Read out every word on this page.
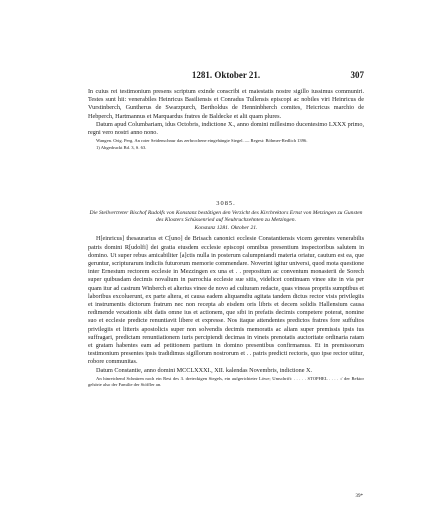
1281. Oktober 21.	307

In cuius rei testimonium presens scriptum exinde conscribi et maiestatis nostre sigillo iussimus communiri. Testes sunt hii: venerabiles Heinricus Basiliensis et Conradus Tullensis episcopi ac nobiles viri Heinricus de Vurstinberch, Guntherus de Swarzpurch, Bertholdus de Henninbherch comites, Heicricus marchio de Hebperch, Hartmannus et Marquardus fratres de Baldecke et alii quam plures.

Datum apud Columbariam, idus Octobris, indictione X., anno domini millesimo ducentesimo LXXX primo, regni vero nostri anno nono.

Wangen. Orig. Perg. An roter Seidenschnur das zerbrochene eingehängte Siegel. — Regest: Böhmer-Redlich 1396.

1) Abgedruckt Bd. 3, S. 63.

3085.

Die Stellvertreter Bischof Rudolfs von Konstanz bestätigen den Verzicht des Kirchrektors Ernst von Metzingen zu Gunsten des Klosters Schüssenried auf Neubruchzehnten zu Metzingen.

Konstanz 1281. Oktober 21.

H[einricus] thesaurarius et C[uno] de Brisach canonici ecclesie Constantiensis vicem gerentes venerabilis patris domini R[udolfi] dei gratia eiusdem ecclesie episcopi omnibus presentium inspectoribus salutem in domino. Ut super rebus amicabiliter [a]ctis nulla in posterum calumpniandi materia oriatur, cautum est ea, que geruntur, scripturarum indiciis futurorum memorie commendare. Noverint igitur universi, quod mota questione inter Ernestum rectorem ecclesie in Mezzingen ex una et . . prepositum ac conventum monasterii de Sorech super quibusdam decimis novalium in parrochia ecclesie sue sitis, videlicet continuam vinee site in via per quam itur ad castrum Winberch et alterius vinee de novo ad culturam redacte, quas vineas propriis sumptibus et laboribus excoluerunt, ex parte altera, et causa eadem aliquamdiu agitata tandem dictus rector visis privilegiis et instrumentis dictorum fratrum nec non recepta ab eisdem oris libris et decem solidis Hallensium causa redimende vexationis sibi datis omne ius et actionem, que sibi in prefatis decimis competere poterat, nomine suo et ecclesie predicte renuntiavit libere et expresse. Nos itaque attendentes predictos fratres fore suffultos privilegiis et litteris apostolicis super non solvendis decimis memoratis ac aliam super premissis ipsis ius suffragari, predictam renuntiationem iuris percipiendi decimas in vineis prenotatis auctoritate ordinaria ratam et gratam habentes eam ad petitionem partium in domino presentibus confirmamus. Et in premissorum testimonium presentes ipsis tradidimus sigillorum nostrorum et . . patris predicti rectoris, quo ipse rector utitur, robore communitas.

Datum Constantie, anno domini MCCLXXXI., XII. kalendas Novembris, indictione X.

An hinreichend Schnüren noch ein Rest des 3. dreieckigen Siegels, ein aufgerichteter Löwe; Umschrift: . . . . . STOPHEL . . . . :/ der Rektor gehörte also der Familie der Stöffler an.

39*
